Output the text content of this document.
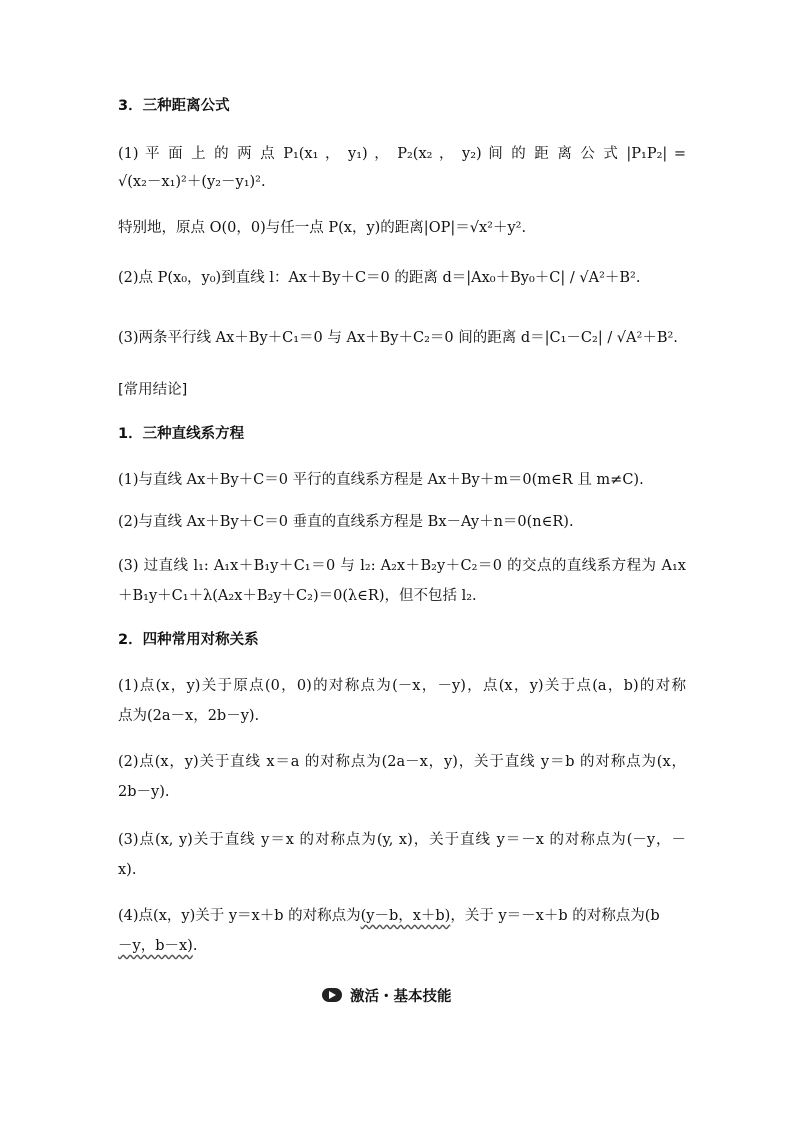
3．三种距离公式
(1) 平 面 上 的 两 点 P₁(x₁ ， y₁) ， P₂(x₂ ， y₂) 间 的 距 离 公 式 |P₁P₂| =
√(x₂－x₁)²＋(y₂－y₁)².
特别地，原点 O(0，0)与任一点 P(x，y)的距离|OP|＝√x²＋y².
(2)点 P(x₀，y₀)到直线 l：Ax＋By＋C＝0 的距离 d＝|Ax₀＋By₀＋C| / √A²＋B².
(3)两条平行线 Ax＋By＋C₁＝0 与 Ax＋By＋C₂＝0 间的距离 d＝|C₁－C₂| / √A²＋B².
[常用结论]
1．三种直线系方程
(1)与直线 Ax＋By＋C＝0 平行的直线系方程是 Ax＋By＋m＝0(m∈R 且 m≠C).
(2)与直线 Ax＋By＋C＝0 垂直的直线系方程是 Bx－Ay＋n＝0(n∈R).
(3) 过直线 l₁: A₁x＋B₁y＋C₁＝0 与 l₂: A₂x＋B₂y＋C₂＝0 的交点的直线系方程为 A₁x
＋B₁y＋C₁＋λ(A₂x＋B₂y＋C₂)＝0(λ∈R)，但不包括 l₂.
2．四种常用对称关系
(1)点(x，y)关于原点(0，0)的对称点为(－x，－y)，点(x，y)关于点(a，b)的对称
点为(2a－x，2b－y).
(2)点(x，y)关于直线 x＝a 的对称点为(2a－x，y)，关于直线 y＝b 的对称点为(x，
2b－y).
(3)点(x, y)关于直线 y＝x 的对称点为(y, x)，关于直线 y＝－x 的对称点为(－y，－
x).
(4)点(x，y)关于 y＝x＋b 的对称点为(y－b，x＋b)，关于 y＝－x＋b 的对称点为(b
－y，b－x).
激活・基本技能
